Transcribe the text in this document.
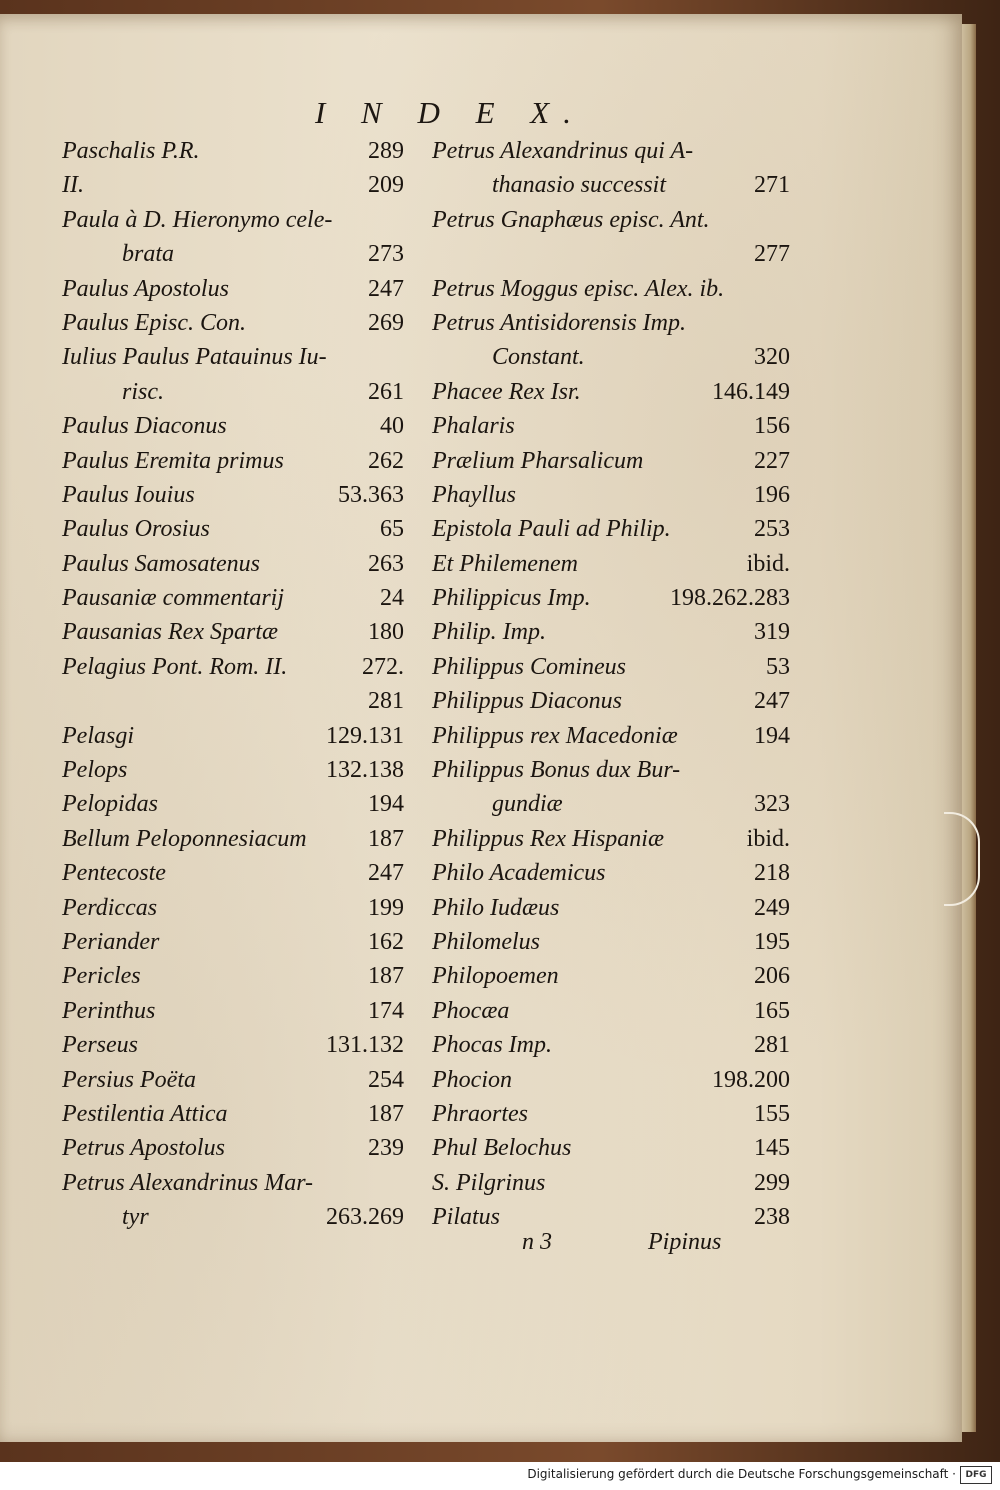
I N D E X.
Paschalis P.R.	289
II.	209
Paula à D. Hieronymo cele-
brata	273
Paulus Apostolus	247
Paulus Episc. Con.	269
Iulius Paulus Patauinus Iu-
risc.	261
Paulus Diaconus	40
Paulus Eremita primus	262
Paulus Iouius	53.363
Paulus Orosius	65
Paulus Samosatenus	263
Pausaniæ commentarij	24
Pausanias Rex Spartæ	180
Pelagius Pont. Rom. II.	272.
281
Pelasgi	129.131
Pelops	132.138
Pelopidas	194
Bellum Peloponnesiacum	187
Pentecoste	247
Perdiccas	199
Periander	162
Pericles	187
Perinthus	174
Perseus	131.132
Persius Poëta	254
Pestilentia Attica	187
Petrus Apostolus	239
Petrus Alexandrinus Mar-
tyr	263.269
Petrus Alexandrinus qui A-
thanasio successit	271
Petrus Gnaphæus episc. Ant.
277
Petrus Moggus episc. Alex. ib.
Petrus Antisidorensis Imp.
Constant.	320
Phacee Rex Isr.	146.149
Phalaris	156
Prælium Pharsalicum	227
Phayllus	196
Epistola Pauli ad Philip.	253
Et Philemenem	ibid.
Philippicus Imp.	198.262.283
Philip. Imp.	319
Philippus Comineus	53
Philippus Diaconus	247
Philippus rex Macedoniæ	194
Philippus Bonus dux Bur-
gundiæ	323
Philippus Rex Hispaniæ	ibid.
Philo Academicus	218
Philo Iudæus	249
Philomelus	195
Philopoemen	206
Phocæa	165
Phocas Imp.	281
Phocion	198.200
Phraortes	155
Phul Belochus	145
S. Pilgrinus	299
Pilatus	238
n 3	Pipinus
Digitalisierung gefördert durch die Deutsche Forschungsgemeinschaft ·	DFG
